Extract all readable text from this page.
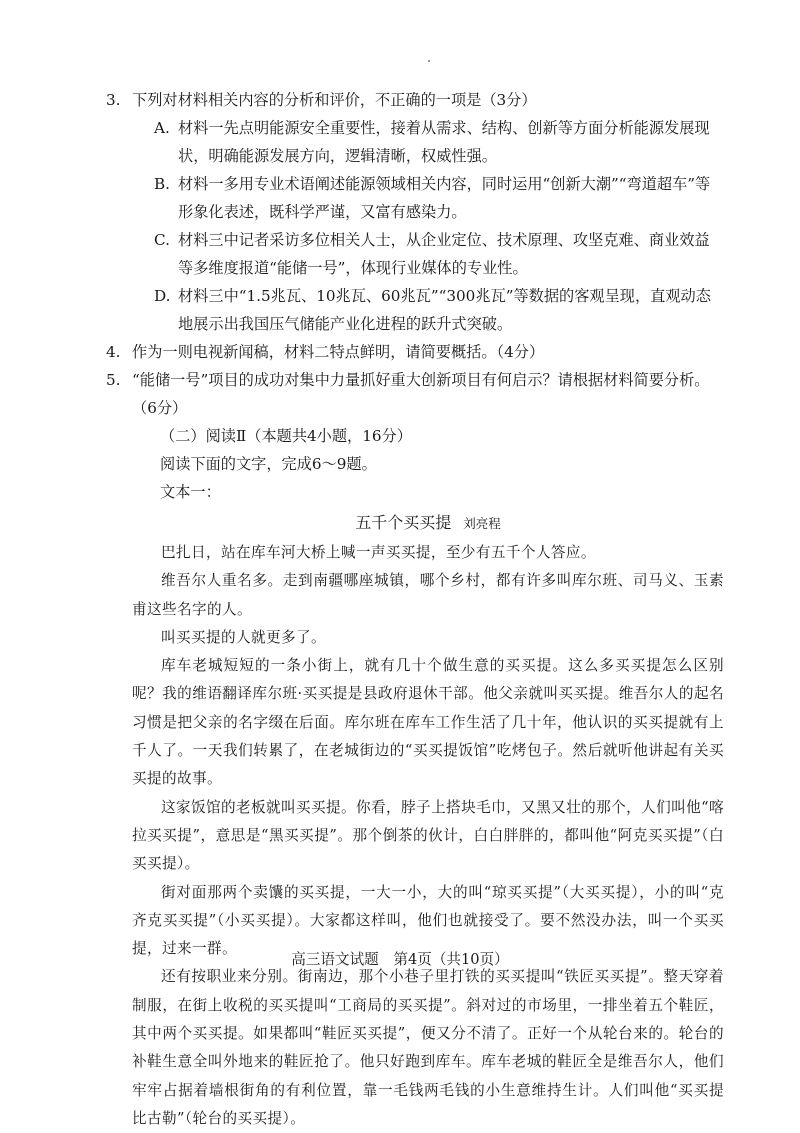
3. 下列对材料相关内容的分析和评价，不正确的一项是（3分）
A. 材料一先点明能源安全重要性，接着从需求、结构、创新等方面分析能源发展现状，明确能源发展方向，逻辑清晰，权威性强。
B. 材料一多用专业术语阐述能源领域相关内容，同时运用“创新大潮”“弯道超车”等形象化表述，既科学严谨，又富有感染力。
C. 材料三中记者采访多位相关人士，从企业定位、技术原理、攻坚克难、商业效益等多维度报道“能储一号”，体现行业媒体的专业性。
D. 材料三中“1.5兆瓦、10兆瓦、60兆瓦”“300兆瓦”等数据的客观呈现，直观动态地展示出我国压气储能产业化进程的跃升式突破。
4. 作为一则电视新闻稿，材料二特点鲜明，请简要概括。（4分）
5. “能储一号”项目的成功对集中力量抓好重大创新项目有何启示？请根据材料简要分析。
（6分）
（二）阅读Ⅱ（本题共4小题，16分）
阅读下面的文字，完成6～9题。
文本一：
五千个买买提 刘亮程
巴扎日，站在库车河大桥上喊一声买买提，至少有五千个人答应。
维吾尔人重名多。走到南疆哪座城镇，哪个乡村，都有许多叫库尔班、司马义、玉素甫这些名字的人。
叫买买提的人就更多了。
库车老城短短的一条小街上，就有几十个做生意的买买提。这么多买买提怎么区别呢？我的维语翻译库尔班·买买提是县政府退休干部。他父亲就叫买买提。维吾尔人的起名习惯是把父亲的名字缀在后面。库尔班在库车工作生活了几十年，他认识的买买提就有上千人了。一天我们转累了，在老城街边的“买买提饭馆”吃烤包子。然后就听他讲起有关买买提的故事。
这家饭馆的老板就叫买买提。你看，脖子上搭块毛巾，又黑又壮的那个，人们叫他“喀拉买买提”，意思是“黑买买提”。那个倒茶的伙计，白白胖胖的，都叫他“阿克买买提”（白买买提）。
街对面那两个卖馕的买买提，一大一小，大的叫“琼买买提”（大买买提），小的叫“克齐克买买提”（小买买提）。大家都这样叫，他们也就接受了。要不然没办法，叫一个买买提，过来一群。
还有按职业来分别。街南边，那个小巷子里打铁的买买提叫“铁匠买买提”。整天穿着制服，在街上收税的买买提叫“工商局的买买提”。斜对过的市场里，一排坐着五个鞋匠，其中两个买买提。如果都叫“鞋匠买买提”，便又分不清了。正好一个从轮台来的。轮台的补鞋生意全叫外地来的鞋匠抢了。他只好跑到库车。库车老城的鞋匠全是维吾尔人，他们牢牢占据着墙根街角的有利位置，靠一毛钱两毛钱的小生意维持生计。人们叫他“买买提比古勒”（轮台的买买提）。
高三语文试题　第4页（共10页）
